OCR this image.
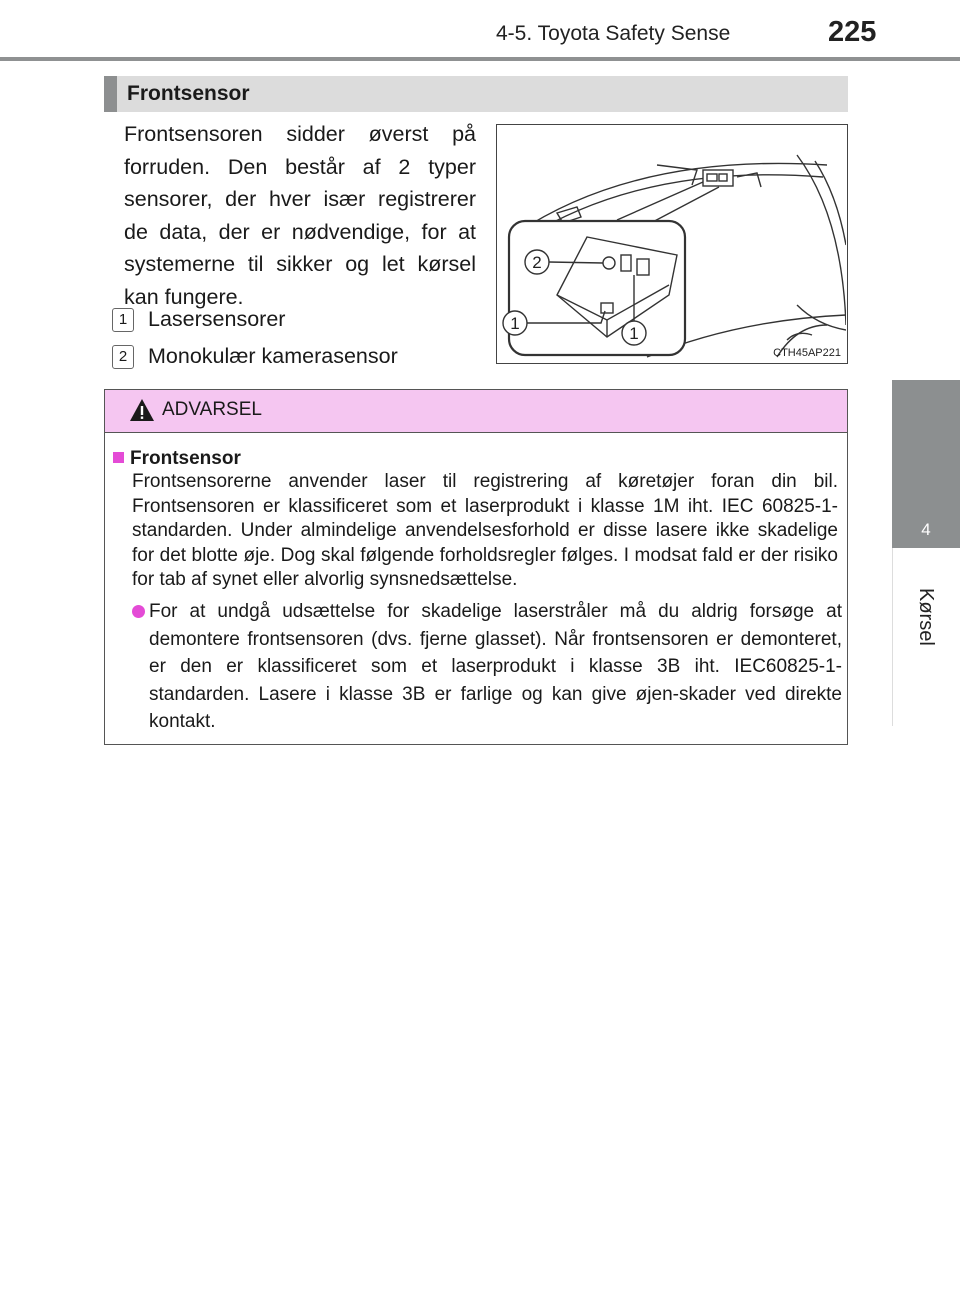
4-5. Toyota Safety Sense	225
4
Kørsel
Frontsensor
Frontsensoren sidder øverst på forruden. Den består af 2 typer sensorer, der hver især registrerer de data, der er nødvendige, for at systemerne til sikker og let kørsel kan fungere.
1 Lasersensorer
2 Monokulær kamerasensor
2
1
1
CTH45AP221
ADVARSEL
Frontsensor
Frontsensorerne anvender laser til registrering af køretøjer foran din bil. Frontsensoren er klassificeret som et laserprodukt i klasse 1M iht. IEC 60825-1-standarden. Under almindelige anvendelsesforhold er disse lasere ikke skadelige for det blotte øje. Dog skal følgende forholdsregler følges. I modsat fald er der risiko for tab af synet eller alvorlig synsnedsættelse.
For at undgå udsættelse for skadelige laserstråler må du aldrig forsøge at demontere frontsensoren (dvs. fjerne glasset). Når frontsensoren er demonteret, er den er klassificeret som et laserprodukt i klasse 3B iht. IEC60825-1-standarden. Lasere i klasse 3B er farlige og kan give øjen-skader ved direkte kontakt.
